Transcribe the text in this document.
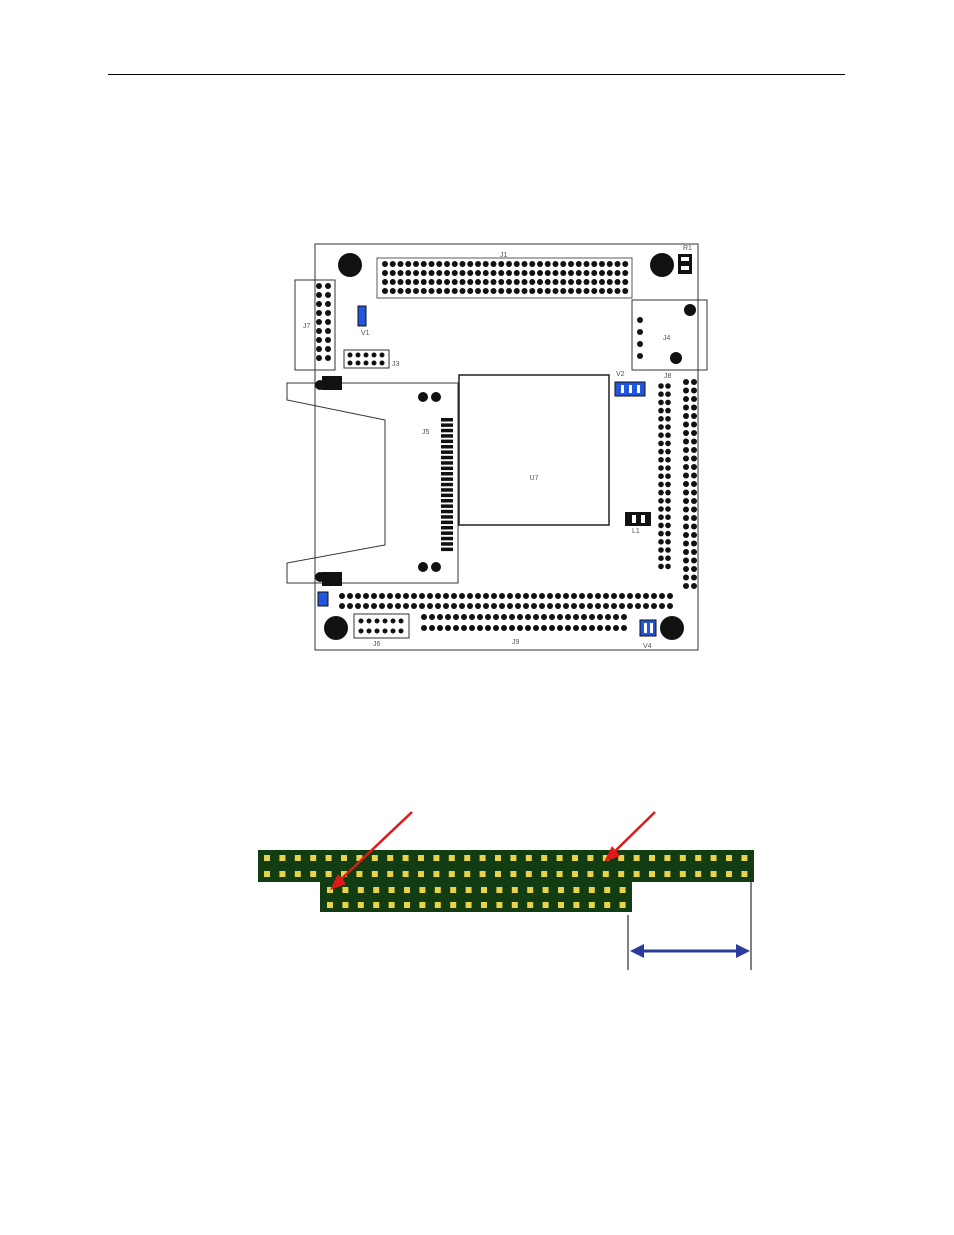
U7
J1
J7
V1
J3
J4
V2
J5
L1
J6	J9
V4
J8
R1
